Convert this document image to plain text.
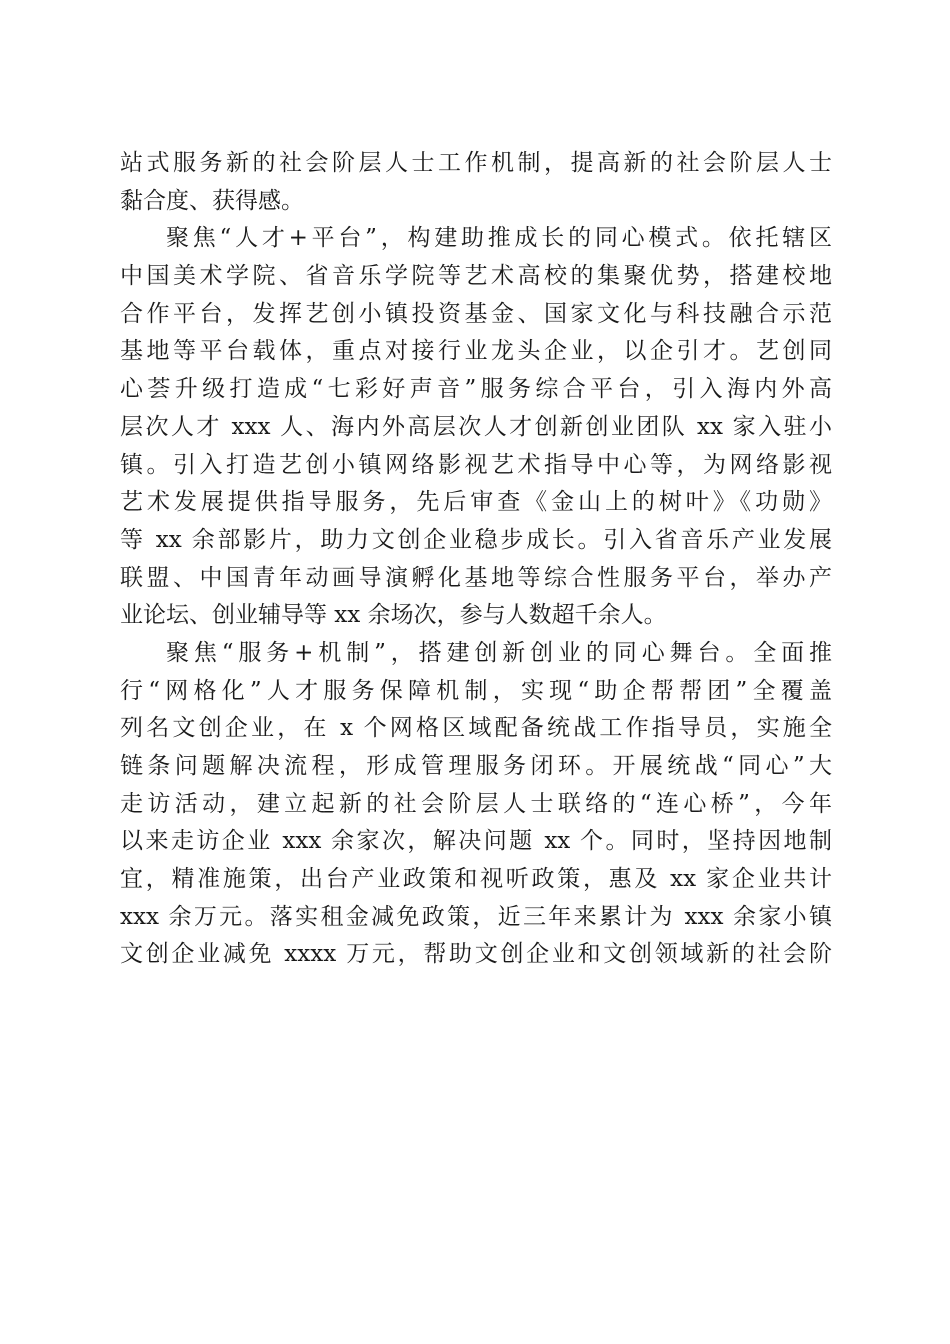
站式服务新的社会阶层人士工作机制，提高新的社会阶层人士
黏合度、获得感。
聚焦“人才+平台”，构建助推成长的同心模式。依托辖区
中国美术学院、省音乐学院等艺术高校的集聚优势，搭建校地
合作平台，发挥艺创小镇投资基金、国家文化与科技融合示范
基地等平台载体，重点对接行业龙头企业，以企引才。艺创同
心荟升级打造成“七彩好声音”服务综合平台，引入海内外高
层次人才 xxx 人、海内外高层次人才创新创业团队 xx 家入驻小
镇。引入打造艺创小镇网络影视艺术指导中心等，为网络影视
艺术发展提供指导服务，先后审查《金山上的树叶》《功勋》
等 xx 余部影片，助力文创企业稳步成长。引入省音乐产业发展
联盟、中国青年动画导演孵化基地等综合性服务平台，举办产
业论坛、创业辅导等 xx 余场次，参与人数超千余人。
聚焦“服务+机制”，搭建创新创业的同心舞台。全面推
行“网格化”人才服务保障机制，实现“助企帮帮团”全覆盖
列名文创企业，在 x 个网格区域配备统战工作指导员，实施全
链条问题解决流程，形成管理服务闭环。开展统战“同心”大
走访活动，建立起新的社会阶层人士联络的“连心桥”，今年
以来走访企业 xxx 余家次，解决问题 xx 个。同时，坚持因地制
宜，精准施策，出台产业政策和视听政策，惠及 xx 家企业共计
xxx 余万元。落实租金减免政策，近三年来累计为 xxx 余家小镇
文创企业减免 xxxx 万元，帮助文创企业和文创领域新的社会阶
